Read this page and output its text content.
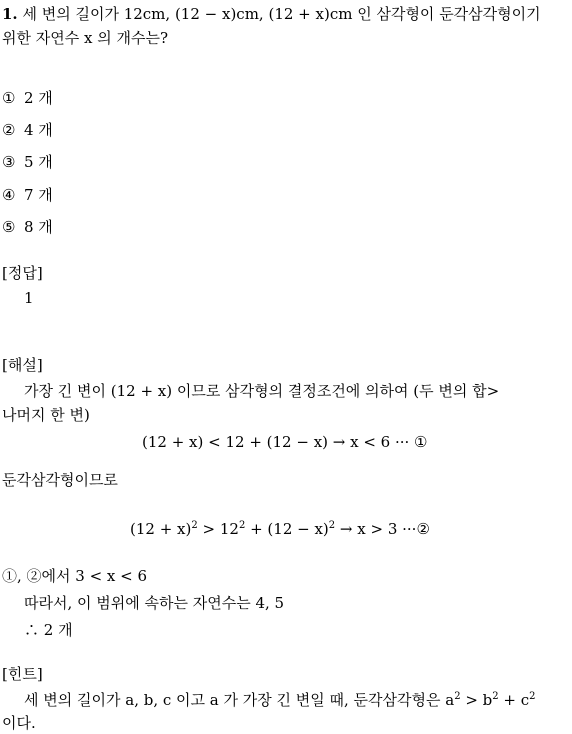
1. 세 변의 길이가 12cm, (12 − x)cm, (12 + x)cm 인 삼각형이 둔각삼각형이기
위한 자연수 x 의 개수는?
① 2 개
② 4 개
③ 5 개
④ 7 개
⑤ 8 개
[정답]
1
[해설]
가장 긴 변이 (12 + x) 이므로 삼각형의 결정조건에 의하여 (두 변의 합>
나머지 한 변)
(12 + x) < 12 + (12 − x) → x < 6 ··· ①
둔각삼각형이므로
$(12 + x)^2 > 12^2 + (12 - x)^2 \to x > 3$ ···②
①, ②에서 3 < x < 6
따라서, 이 범위에 속하는 자연수는 4, 5
∴ 2 개
[힌트]
세 변의 길이가 a, b, c 이고 a 가 가장 긴 변일 때, 둔각삼각형은 $a^2 > b^2 + c^2$
이다.
